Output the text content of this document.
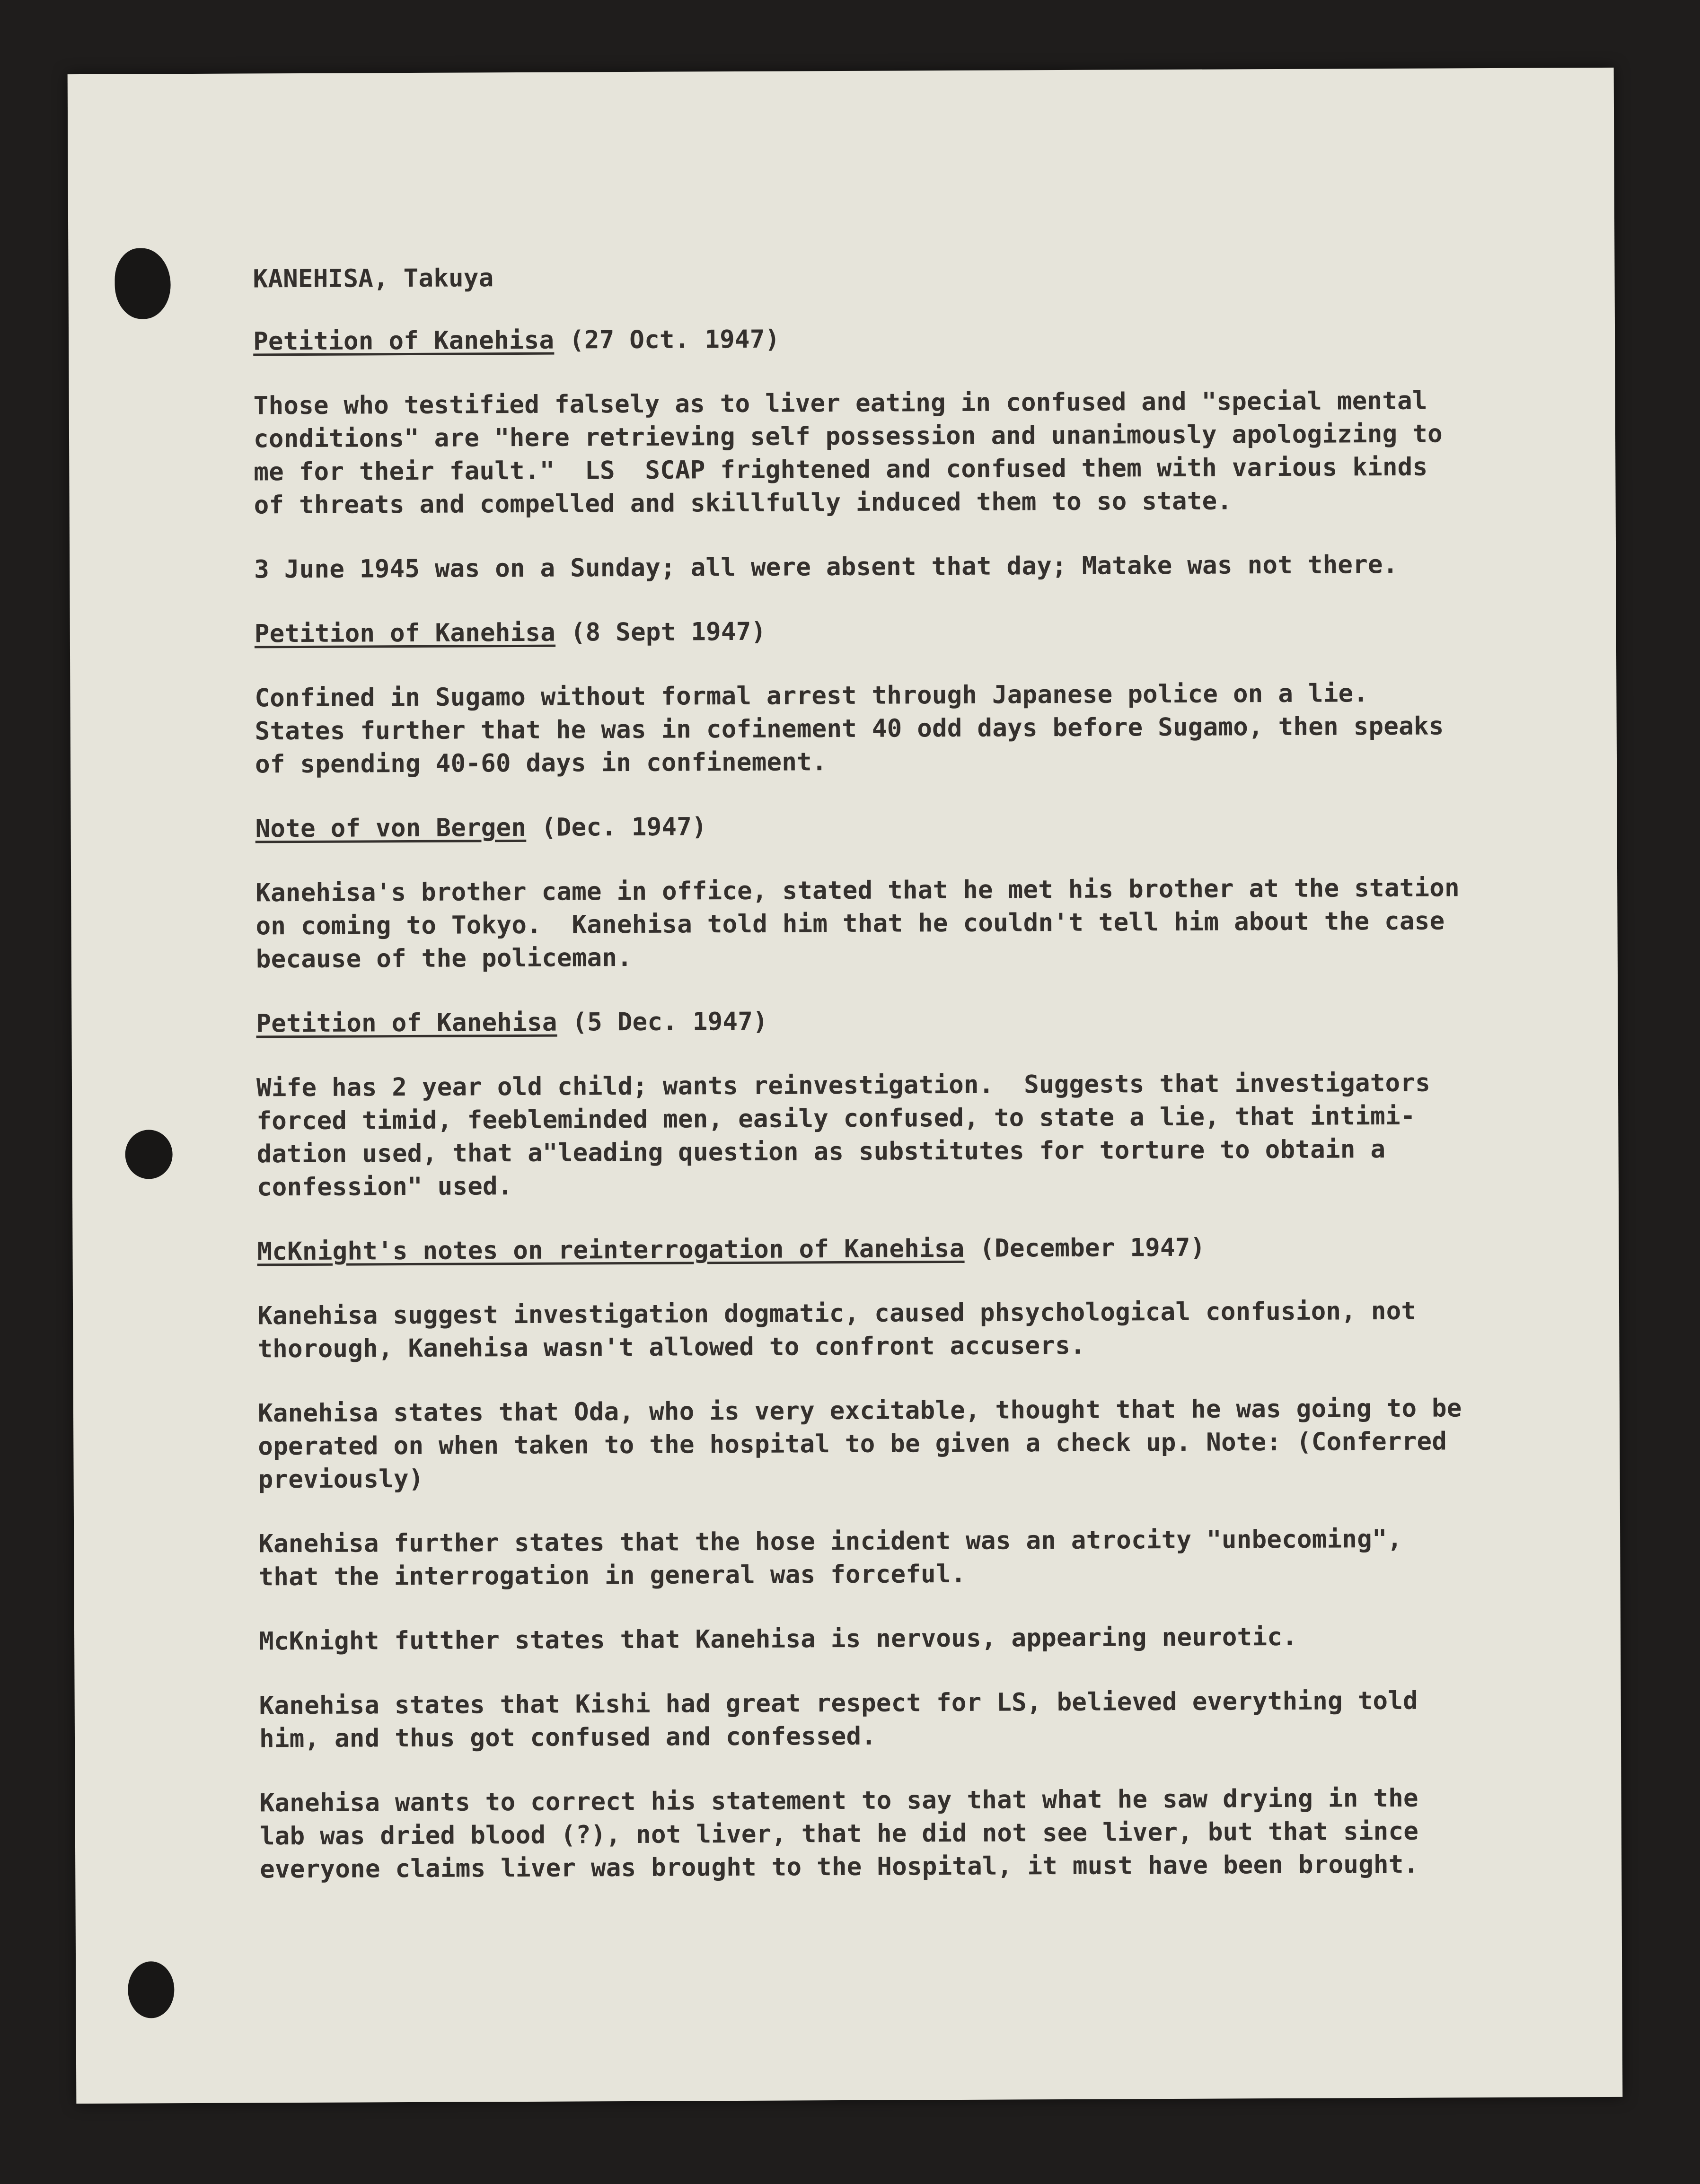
KANEHISA, Takuya
Petition of Kanehisa (27 Oct. 1947)
Those who testified falsely as to liver eating in confused and "special mental
conditions" are "here retrieving self possession and unanimously apologizing to
me for their fault."  LS  SCAP frightened and confused them with various kinds
of threats and compelled and skillfully induced them to so state.
3 June 1945 was on a Sunday; all were absent that day; Matake was not there.
Petition of Kanehisa (8 Sept 1947)
Confined in Sugamo without formal arrest through Japanese police on a lie.
States further that he was in cofinement 40 odd days before Sugamo, then speaks
of spending 40-60 days in confinement.
Note of von Bergen (Dec. 1947)
Kanehisa's brother came in office, stated that he met his brother at the station
on coming to Tokyo.  Kanehisa told him that he couldn't tell him about the case
because of the policeman.
Petition of Kanehisa (5 Dec. 1947)
Wife has 2 year old child; wants reinvestigation.  Suggests that investigators
forced timid, feebleminded men, easily confused, to state a lie, that intimi-
dation used, that a"leading question as substitutes for torture to obtain a
confession" used.
McKnight's notes on reinterrogation of Kanehisa (December 1947)
Kanehisa suggest investigation dogmatic, caused phsychological confusion, not
thorough, Kanehisa wasn't allowed to confront accusers.
Kanehisa states that Oda, who is very excitable, thought that he was going to be
operated on when taken to the hospital to be given a check up. Note: (Conferred
previously)
Kanehisa further states that the hose incident was an atrocity "unbecoming",
that the interrogation in general was forceful.
McKnight futther states that Kanehisa is nervous, appearing neurotic.
Kanehisa states that Kishi had great respect for LS, believed everything told
him, and thus got confused and confessed.
Kanehisa wants to correct his statement to say that what he saw drying in the
lab was dried blood (?), not liver, that he did not see liver, but that since
everyone claims liver was brought to the Hospital, it must have been brought.
